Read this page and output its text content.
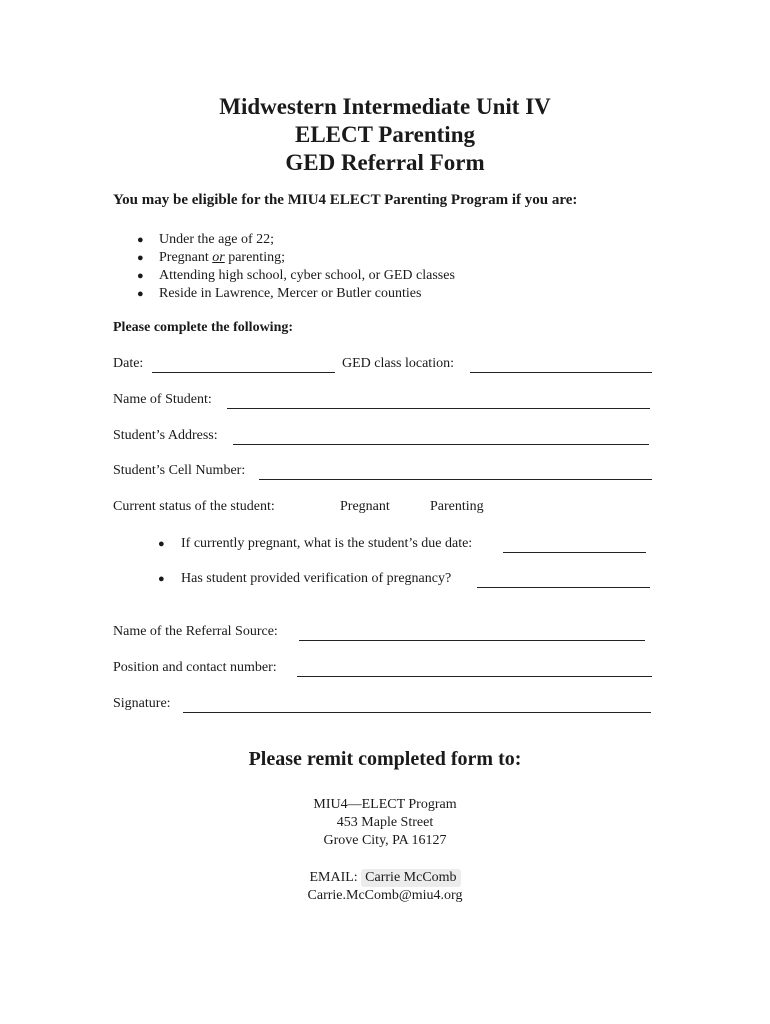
Midwestern Intermediate Unit IV
ELECT Parenting
GED Referral Form
You may be eligible for the MIU4 ELECT Parenting Program if you are:
● Under the age of 22;
● Pregnant or parenting;
● Attending high school, cyber school, or GED classes
● Reside in Lawrence, Mercer or Butler counties
Please complete the following:
Date:	GED class location:
Name of Student:
Student’s Address:
Student’s Cell Number:
Current status of the student:	Pregnant	Parenting
● If currently pregnant, what is the student’s due date:
● Has student provided verification of pregnancy?
Name of the Referral Source:
Position and contact number:
Signature:
Please remit completed form to:
MIU4—ELECT Program
453 Maple Street
Grove City, PA 16127
EMAIL: Carrie McComb
Carrie.McComb@miu4.org
